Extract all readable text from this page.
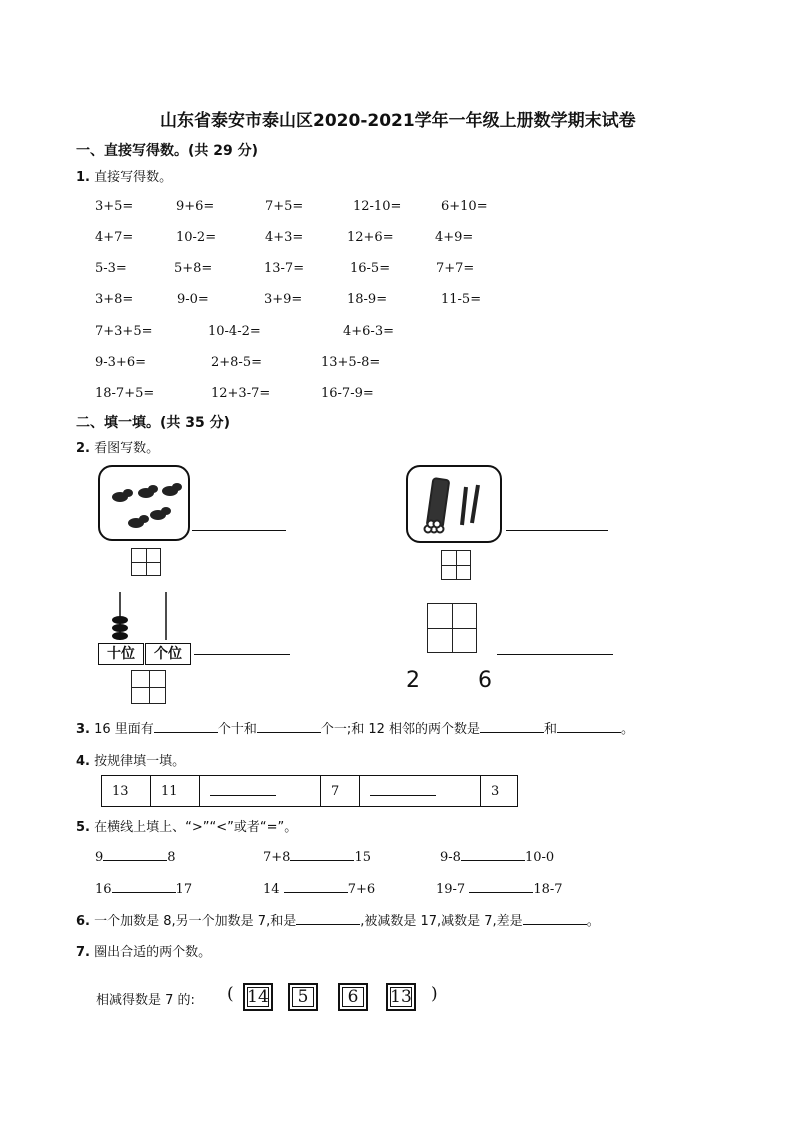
山东省泰安市泰山区2020-2021学年一年级上册数学期末试卷
一、直接写得数。(共 29 分)
1. 直接写得数。
3+5=	9+6=	7+5=	12-10=	6+10=
4+7=	10-2=	4+3=	12+6=	4+9=
5-3=	5+8=	13-7=	16-5=	7+7=
3+8=	9-0=	3+9=	18-9=	11-5=
7+3+5=	10-4-2=	4+6-3=
9-3+6=	2+8-5=	13+5-8=
18-7+5=	12+3-7=	16-7-9=
二、填一填。(共 35 分)
2. 看图写数。
十位	个位
2	6
3. 16 里面有	个十和	个一;和 12 相邻的两个数是	和	。
4. 按规律填一填。
13	11		7		3
5. 在横线上填上、“>”“<”或者“=”。
9	8	7+8	15	9-8	10-0
16	17	14	7+6	19-7	18-7
6. 一个加数是 8,另一个加数是 7,和是	,被减数是 17,减数是 7,差是	。
7. 圈出合适的两个数。
相减得数是 7 的: ( 14	5	6	13 )
